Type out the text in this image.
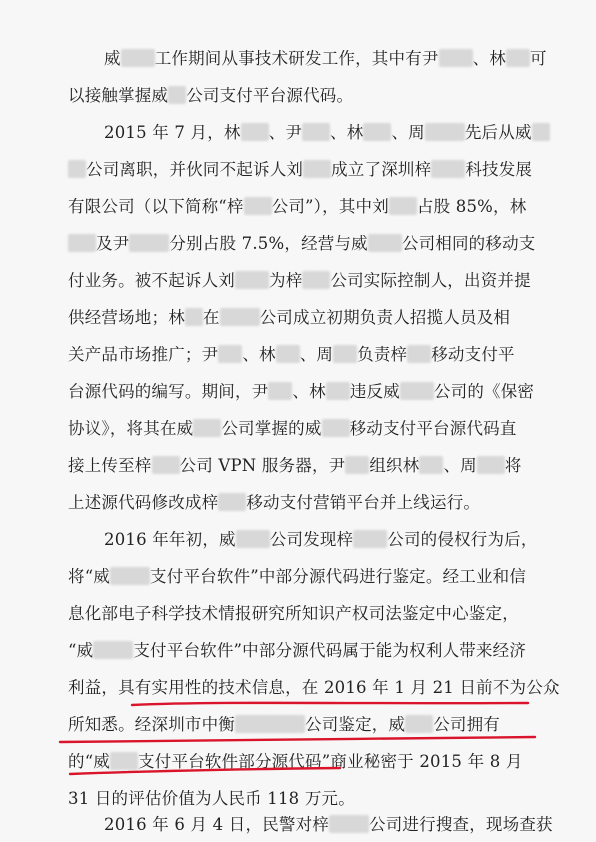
威 工作期间从事技术研发工作，其中有尹 、林 可
以接触掌握威 公司支付平台源代码。
2015 年 7 月，林 、尹 、林 、周 先后从威
公司离职，并伙同不起诉人刘 成立了深圳梓 科技发展
有限公司（以下简称“梓 公司”），其中刘 占股 85%，林
及尹 分别占股 7.5%，经营与威 公司相同的移动支
付业务。被不起诉人刘 为梓 公司实际控制人，出资并提
供经营场地；林 在 公司成立初期负责人招揽人员及相
关产品市场推广；尹 、林 、周 负责梓 移动支付平
台源代码的编写。期间，尹 、林 违反威 公司的《保密
协议》，将其在威 公司掌握的威 移动支付平台源代码直
接上传至梓 公司 VPN 服务器，尹 组织林 、周 将
上述源代码修改成梓 移动支付营销平台并上线运行。
2016 年年初，威 公司发现梓 公司的侵权行为后，
将“威 支付平台软件”中部分源代码进行鉴定。经工业和信
息化部电子科学技术情报研究所知识产权司法鉴定中心鉴定，
“威 支付平台软件”中部分源代码属于能为权利人带来经济
利益，具有实用性的技术信息，在 2016 年 1 月 21 日前不为公众
所知悉。经深圳市中衡	公司鉴定，威 公司拥有
的“威 支付平台软件部分源代码”商业秘密于 2015 年 8 月
31 日的评估价值为人民币 118 万元。
2016 年 6 月 4 日，民警对梓 公司进行搜查，现场查获
